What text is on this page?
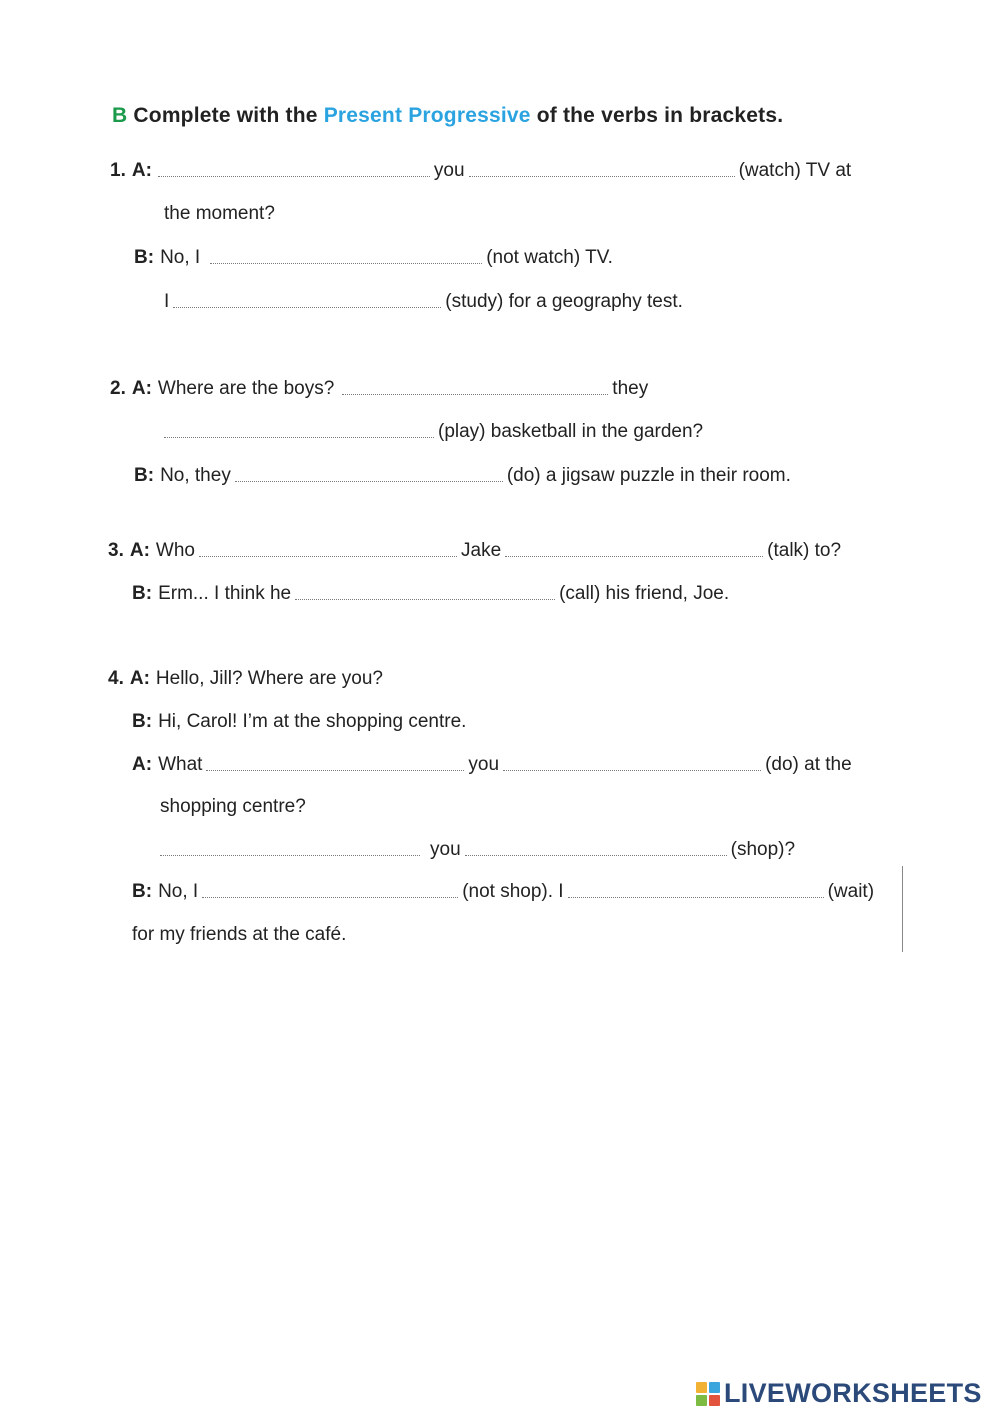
B Complete with the Present Progressive of the verbs in brackets.
1. A:	you	(watch) TV at
the moment?
B: No, I	(not watch) TV.
I	(study) for a geography test.
2. A: Where are the boys?	they
(play) basketball in the garden?
B: No, they	(do) a jigsaw puzzle in their room.
3. A: Who	Jake	(talk) to?
B: Erm... I think he	(call) his friend, Joe.
4. A: Hello, Jill? Where are you?
B: Hi, Carol! I’m at the shopping centre.
A: What	you	(do) at the
shopping centre?
you	(shop)?
B: No, I	(not shop). I	(wait)
for my friends at the café.
LIVEWORKSHEETS
